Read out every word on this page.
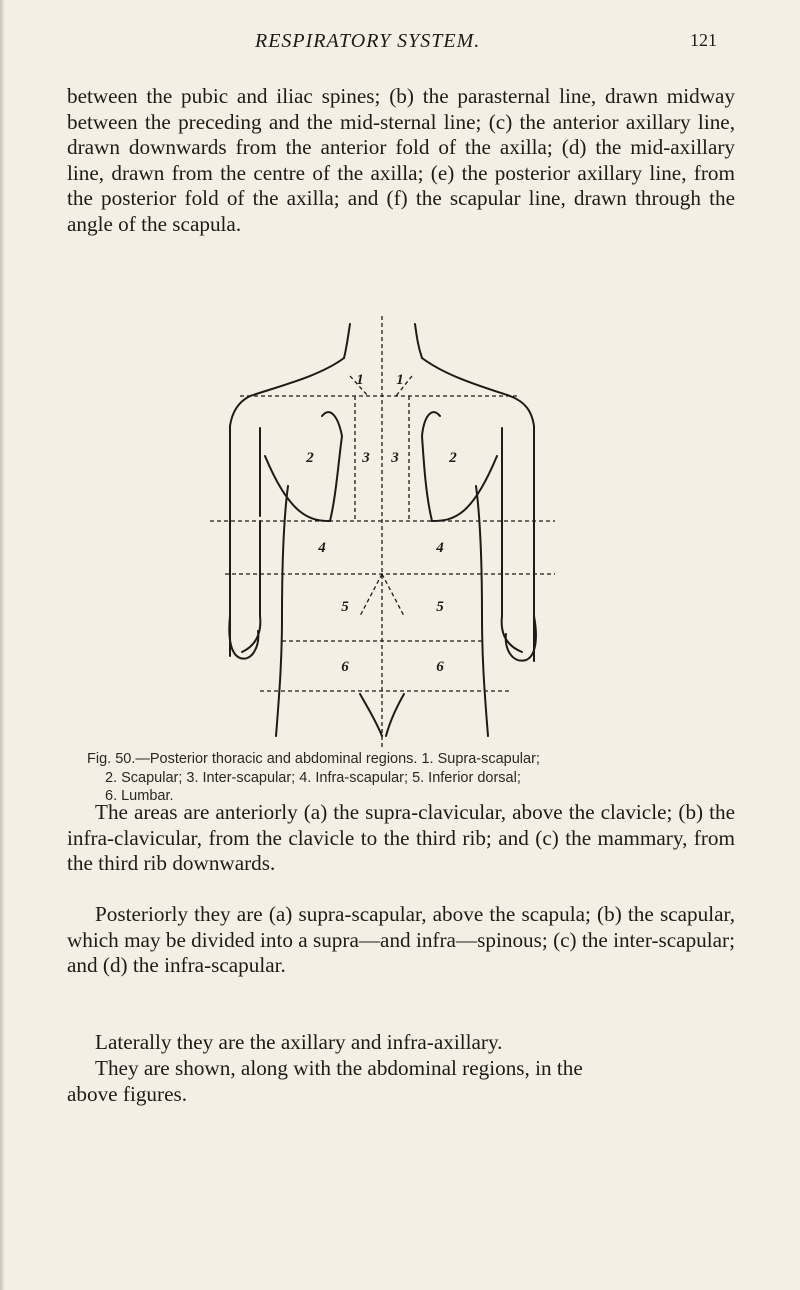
RESPIRATORY SYSTEM.	121

between the pubic and iliac spines; (b) the parasternal line, drawn midway between the preceding and the mid-sternal line; (c) the anterior axillary line, drawn downwards from the anterior fold of the axilla; (d) the mid-axillary line, drawn from the centre of the axilla; (e) the posterior axillary line, from the posterior fold of the axilla; and (f) the scapular line, drawn through the angle of the scapula.

1 1
2	2
3 3
4	4
5	5
6	6

Fig. 50.—Posterior thoracic and abdominal regions. 1. Supra-scapular;

2. Scapular; 3. Inter-scapular; 4. Infra-scapular; 5. Inferior dorsal;

6. Lumbar.

The areas are anteriorly (a) the supra-clavicular, above the clavicle; (b) the infra-clavicular, from the clavicle to the third rib; and (c) the mammary, from the third rib downwards.

Posteriorly they are (a) supra-scapular, above the scapula; (b) the scapular, which may be divided into a supra—and infra—spinous; (c) the inter-scapular; and (d) the infra-scapular.

Laterally they are the axillary and infra-axillary.

They are shown, along with the abdominal regions, in the

above figures.
